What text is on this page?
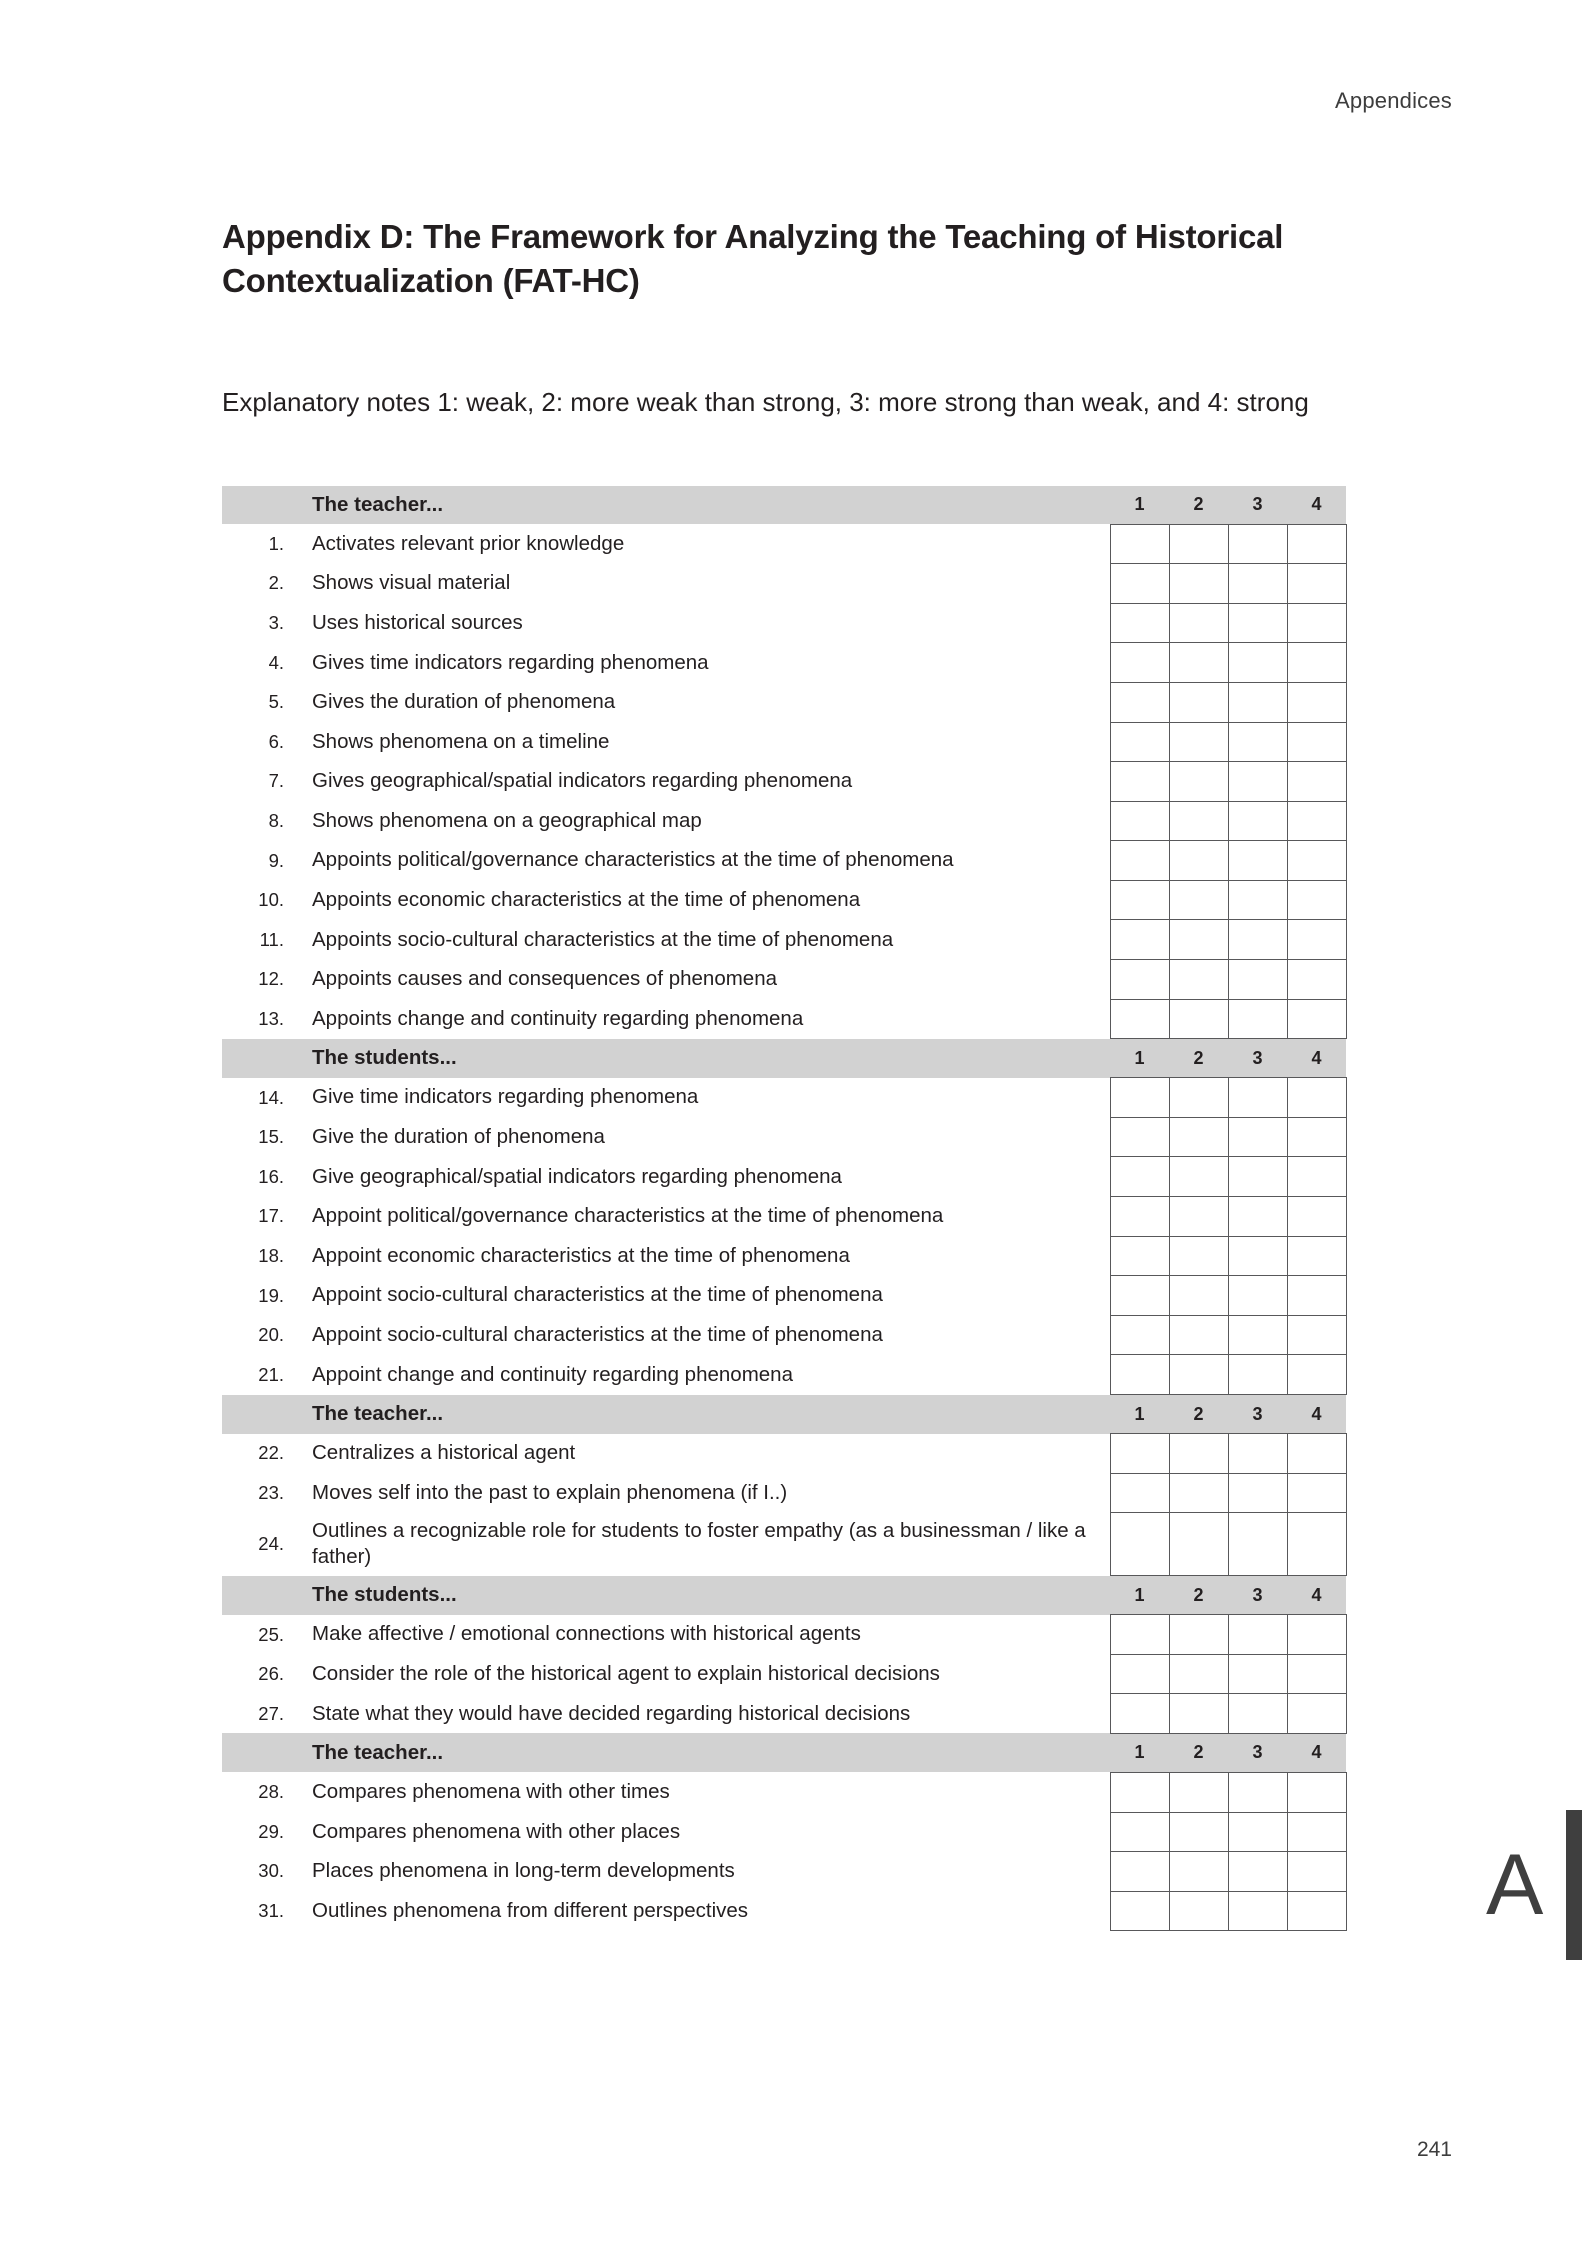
Appendices
Appendix D: The Framework for Analyzing the Teaching of Historical Contextualization (FAT-HC)
Explanatory notes 1: weak, 2: more weak than strong, 3: more strong than weak, and 4: strong
	The teacher...	1	2	3	4
1.	Activates relevant prior knowledge				
2.	Shows visual material				
3.	Uses historical sources				
4.	Gives time indicators regarding phenomena				
5.	Gives the duration of phenomena				
6.	Shows phenomena on a timeline				
7.	Gives geographical/spatial indicators regarding phenomena				
8.	Shows phenomena on a geographical map				
9.	Appoints political/governance characteristics at the time of phenomena				
10.	Appoints economic characteristics at the time of phenomena				
11.	Appoints socio-cultural characteristics at the time of phenomena				
12.	Appoints causes and consequences of phenomena				
13.	Appoints change and continuity regarding phenomena				
	The students...	1	2	3	4
14.	Give time indicators regarding phenomena				
15.	Give the duration of phenomena				
16.	Give geographical/spatial indicators regarding phenomena				
17.	Appoint political/governance characteristics at the time of phenomena				
18.	Appoint economic characteristics at the time of phenomena				
19.	Appoint socio-cultural characteristics at the time of phenomena				
20.	Appoint socio-cultural characteristics at the time of phenomena				
21.	Appoint change and continuity regarding phenomena				
	The teacher...	1	2	3	4
22.	Centralizes a historical agent				
23.	Moves self into the past to explain phenomena (if I..)				
24.	Outlines a recognizable role for students to foster empathy (as a businessman / like a father)				
	The students...	1	2	3	4
25.	Make affective / emotional connections with historical agents				
26.	Consider the role of the historical agent to explain historical decisions				
27.	State what they would have decided regarding historical decisions				
	The teacher...	1	2	3	4
28.	Compares phenomena with other times				
29.	Compares phenomena with other places				
30.	Places phenomena in long-term developments				
31.	Outlines phenomena from different perspectives					A
241
